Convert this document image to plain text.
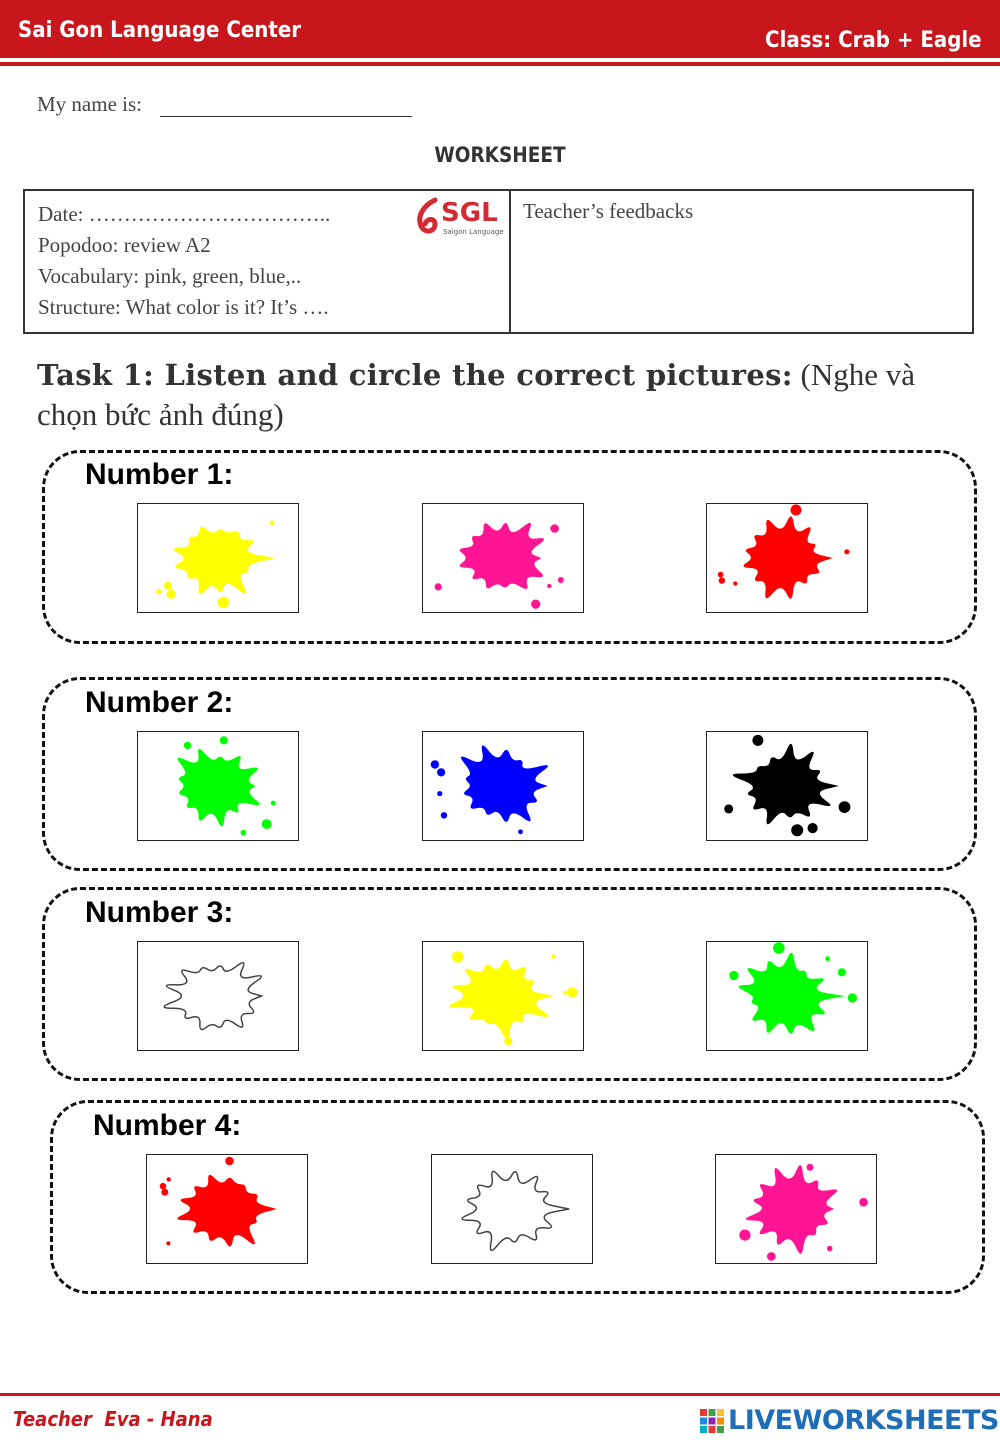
Sai Gon Language Center	Class: Crab + Eagle
My name is:
WORKSHEET
Date: ……………………………..
Popodoo: review A2
Vocabulary: pink, green, blue,..
Structure: What color is it? It’s ….
SGL
Saigon Language
Teacher’s feedbacks
Task 1: Listen and circle the correct pictures: (Nghe và chọn bức ảnh đúng)
Number 1:
Number 2:
Number 3:
Number 4:
Teacher  Eva - Hana	LIVEWORKSHEETS
